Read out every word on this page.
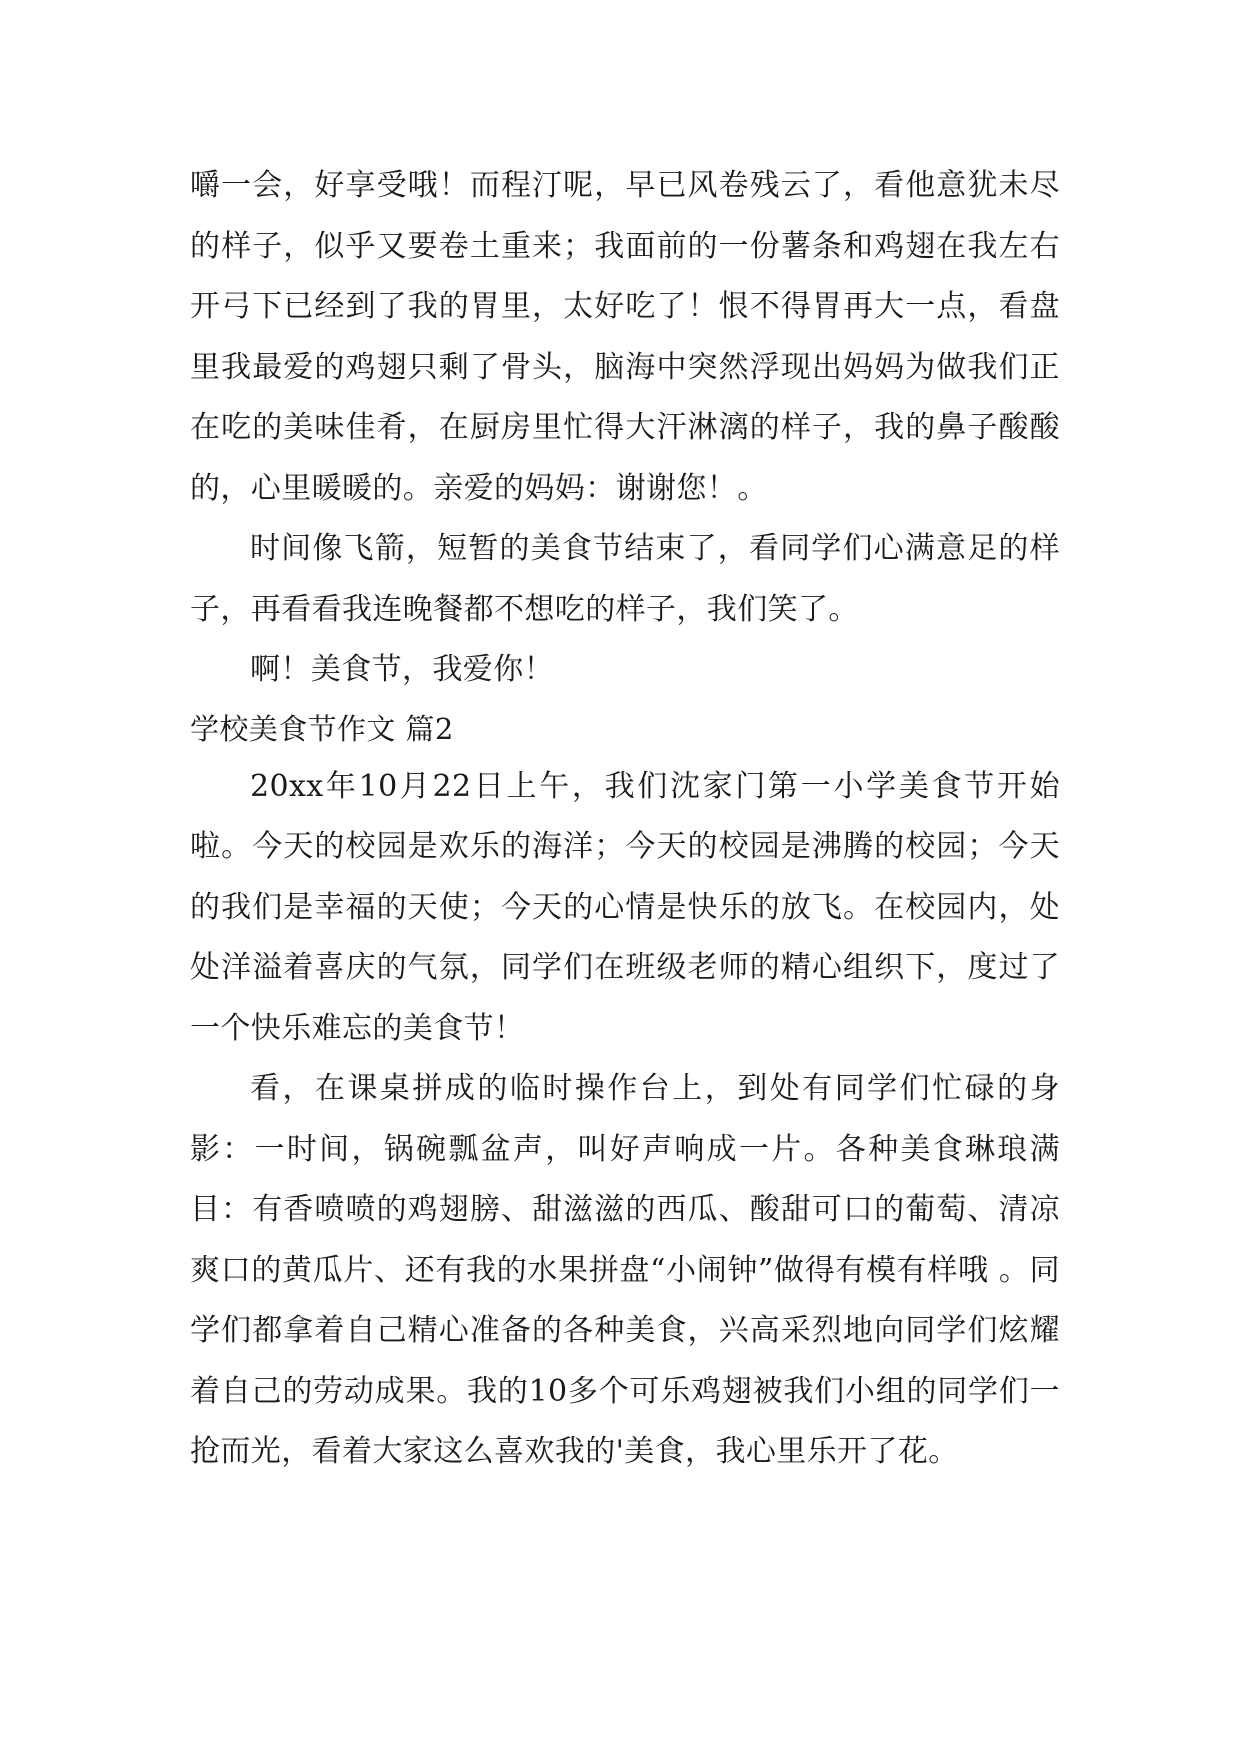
嚼一会，好享受哦！而程汀呢，早已风卷残云了，看他意犹未尽的样子，似乎又要卷土重来；我面前的一份薯条和鸡翅在我左右开弓下已经到了我的胃里，太好吃了！恨不得胃再大一点，看盘里我最爱的鸡翅只剩了骨头，脑海中突然浮现出妈妈为做我们正在吃的美味佳肴，在厨房里忙得大汗淋漓的样子，我的鼻子酸酸的，心里暖暖的。亲爱的妈妈：谢谢您！。

时间像飞箭，短暂的美食节结束了，看同学们心满意足的样子，再看看我连晚餐都不想吃的样子，我们笑了。

啊！美食节，我爱你！

学校美食节作文 篇2

20xx年10月22日上午，我们沈家门第一小学美食节开始啦。今天的校园是欢乐的海洋；今天的校园是沸腾的校园；今天的我们是幸福的天使；今天的心情是快乐的放飞。在校园内，处处洋溢着喜庆的气氛，同学们在班级老师的精心组织下，度过了一个快乐难忘的美食节！

看，在课桌拼成的临时操作台上，到处有同学们忙碌的身影：一时间，锅碗瓢盆声，叫好声响成一片。各种美食琳琅满目：有香喷喷的鸡翅膀、甜滋滋的西瓜、酸甜可口的葡萄、清凉爽口的黄瓜片、还有我的水果拼盘“小闹钟”做得有模有样哦 。同学们都拿着自己精心准备的各种美食，兴高采烈地向同学们炫耀着自己的劳动成果。我的10多个可乐鸡翅被我们小组的同学们一抢而光，看着大家这么喜欢我的'美食，我心里乐开了花。
